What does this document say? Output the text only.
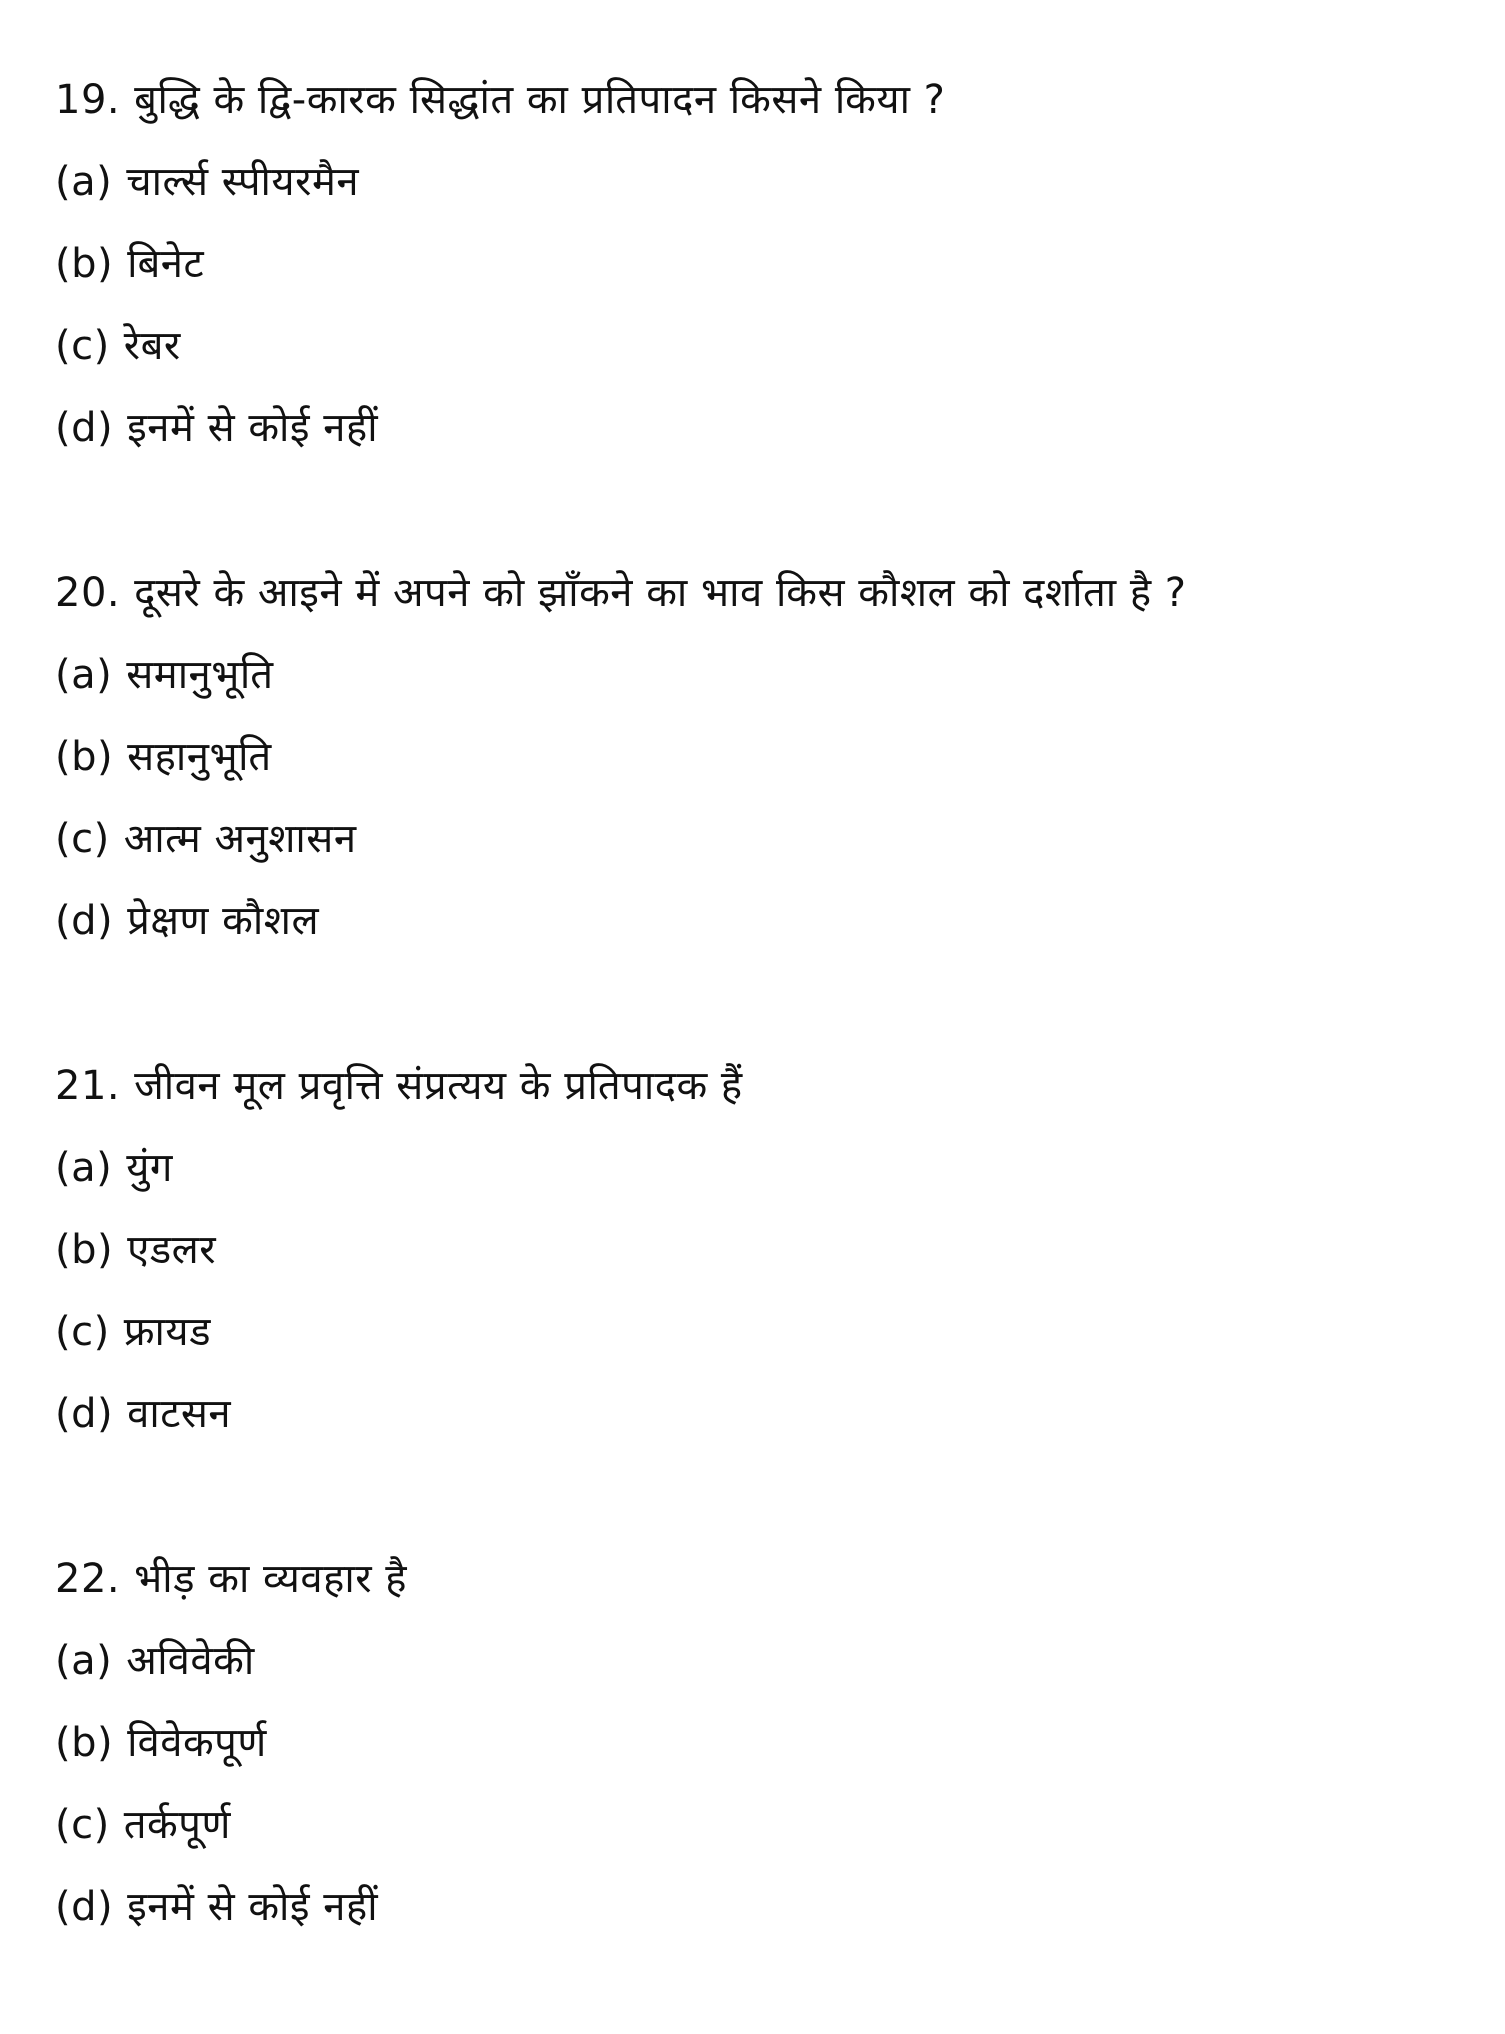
19. बुद्धि के द्वि-कारक सिद्धांत का प्रतिपादन किसने किया ?
(a) चार्ल्स स्पीयरमैन
(b) बिनेट
(c) रेबर
(d) इनमें से कोई नहीं
20. दूसरे के आइने में अपने को झाँकने का भाव किस कौशल को दर्शाता है ?
(a) समानुभूति
(b) सहानुभूति
(c) आत्म अनुशासन
(d) प्रेक्षण कौशल
21. जीवन मूल प्रवृत्ति संप्रत्यय के प्रतिपादक हैं
(a) युंग
(b) एडलर
(c) फ्रायड
(d) वाटसन
22. भीड़ का व्यवहार है
(a) अविवेकी
(b) विवेकपूर्ण
(c) तर्कपूर्ण
(d) इनमें से कोई नहीं
